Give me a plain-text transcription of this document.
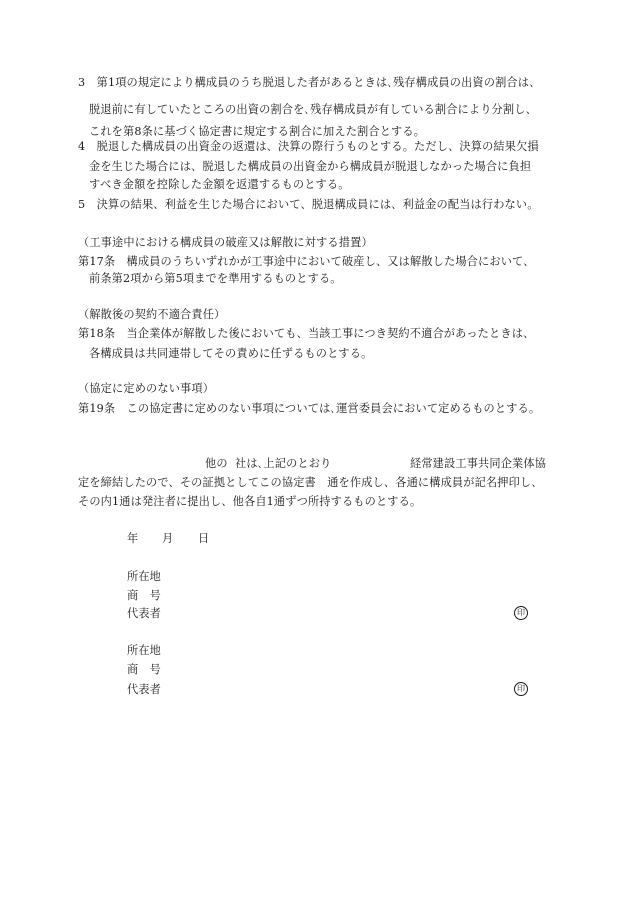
3　第1項の規定により構成員のうち脱退した者があるときは､残存構成員の出資の割合は、
脱退前に有していたところの出資の割合を､残存構成員が有している割合により分割し、
これを第8条に基づく協定書に規定する割合に加えた割合とする。
4　脱退した構成員の出資金の返還は、決算の際行うものとする。ただし、決算の結果欠損
金を生じた場合には、脱退した構成員の出資金から構成員が脱退しなかった場合に負担
すべき金額を控除した金額を返還するものとする。
5　決算の結果、利益を生じた場合において、脱退構成員には、利益金の配当は行わない。
（工事途中における構成員の破産又は解散に対する措置）
第17条　構成員のうちいずれかが工事途中において破産し、又は解散した場合において、
前条第2項から第5項までを準用するものとする。
（解散後の契約不適合責任）
第18条　当企業体が解散した後においても、当該工事につき契約不適合があったときは、
各構成員は共同連帯してその責めに任ずるものとする。
（協定に定めのない事項）
第19条　この協定書に定めのない事項については､運営委員会において定めるものとする。
他の 社は､上記のとおり	経常建設工事共同企業体協
定を締結したので、その証拠としてこの協定書　通を作成し、各通に構成員が記名押印し、
その内1通は発注者に提出し、他各自1通ずつ所持するものとする。
年 月 日
所在地
商　号
代表者	印
所在地
商　号
代表者	印
